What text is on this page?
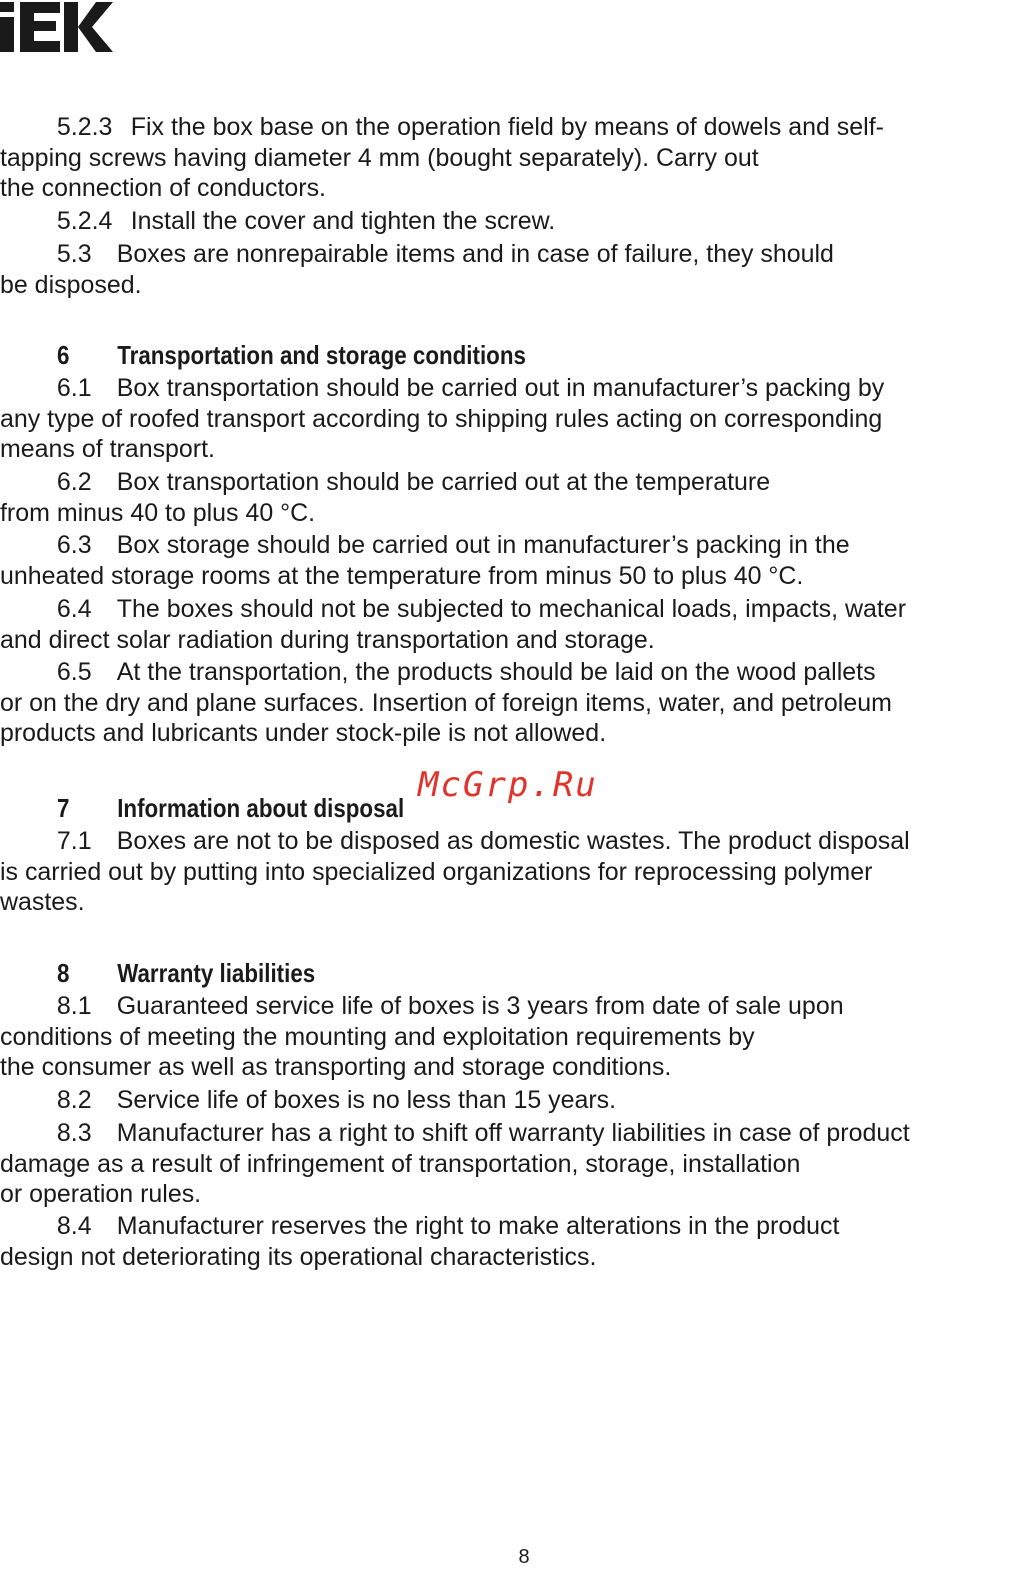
5.2.3 Fix the box base on the operation field by means of dowels and self-
tapping screws having diameter 4 mm (bought separately). Carry out
the connection of conductors.
5.2.4 Install the cover and tighten the screw.
5.3 Boxes are nonrepairable items and in case of failure, they should
be disposed.
6 Transportation and storage conditions
6.1 Box transportation should be carried out in manufacturer’s packing by
any type of roofed transport according to shipping rules acting on corresponding
means of transport.
6.2 Box transportation should be carried out at the temperature
from minus 40 to plus 40 °C.
6.3 Box storage should be carried out in manufacturer’s packing in the
unheated storage rooms at the temperature from minus 50 to plus 40 °C.
6.4 The boxes should not be subjected to mechanical loads, impacts, water
and direct solar radiation during transportation and storage.
6.5 At the transportation, the products should be laid on the wood pallets
or on the dry and plane surfaces. Insertion of foreign items, water, and petroleum
products and lubricants under stock-pile is not allowed.
McGrp.Ru
7 Information about disposal
7.1 Boxes are not to be disposed as domestic wastes. The product disposal
is carried out by putting into specialized organizations for reprocessing polymer
wastes.
8 Warranty liabilities
8.1 Guaranteed service life of boxes is 3 years from date of sale upon
conditions of meeting the mounting and exploitation requirements by
the consumer as well as transporting and storage conditions.
8.2 Service life of boxes is no less than 15 years.
8.3 Manufacturer has a right to shift off warranty liabilities in case of product
damage as a result of infringement of transportation, storage, installation
or operation rules.
8.4 Manufacturer reserves the right to make alterations in the product
design not deteriorating its operational characteristics.
8
